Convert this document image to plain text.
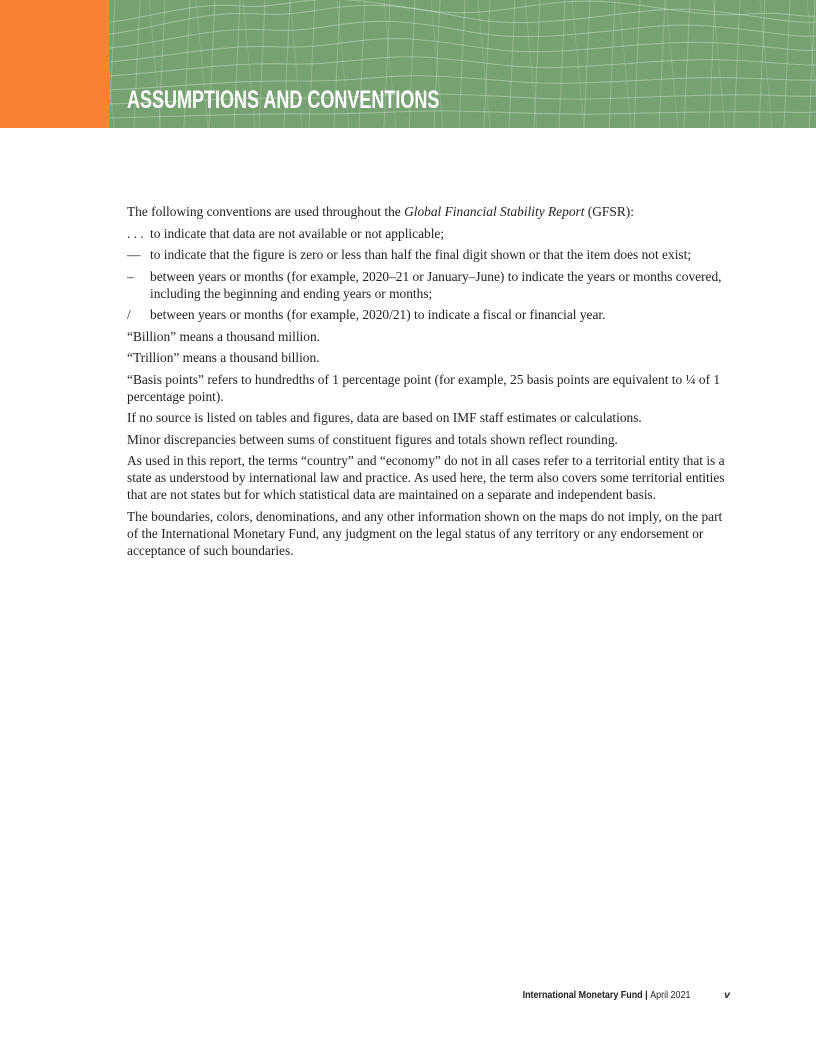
ASSUMPTIONS AND CONVENTIONS

The following conventions are used throughout the Global Financial Stability Report (GFSR):

. . . to indicate that data are not available or not applicable;
— to indicate that the figure is zero or less than half the final digit shown or that the item does not exist;
–	between years or months (for example, 2020–21 or January–June) to indicate the years or months covered, including the beginning and ending years or months;
/	between years or months (for example, 2020/21) to indicate a fiscal or financial year.

“Billion” means a thousand million.

“Trillion” means a thousand billion.

“Basis points” refers to hundredths of 1 percentage point (for example, 25 basis points are equivalent to ¼ of 1 percentage point).

If no source is listed on tables and figures, data are based on IMF staff estimates or calculations.

Minor discrepancies between sums of constituent figures and totals shown reflect rounding.

As used in this report, the terms “country” and “economy” do not in all cases refer to a territorial entity that is a state as understood by international law and practice. As used here, the term also covers some territorial entities that are not states but for which statistical data are maintained on a separate and independent basis.

The boundaries, colors, denominations, and any other information shown on the maps do not imply, on the part of the International Monetary Fund, any judgment on the legal status of any territory or any endorsement or acceptance of such boundaries.

International Monetary Fund | April 2021	v
